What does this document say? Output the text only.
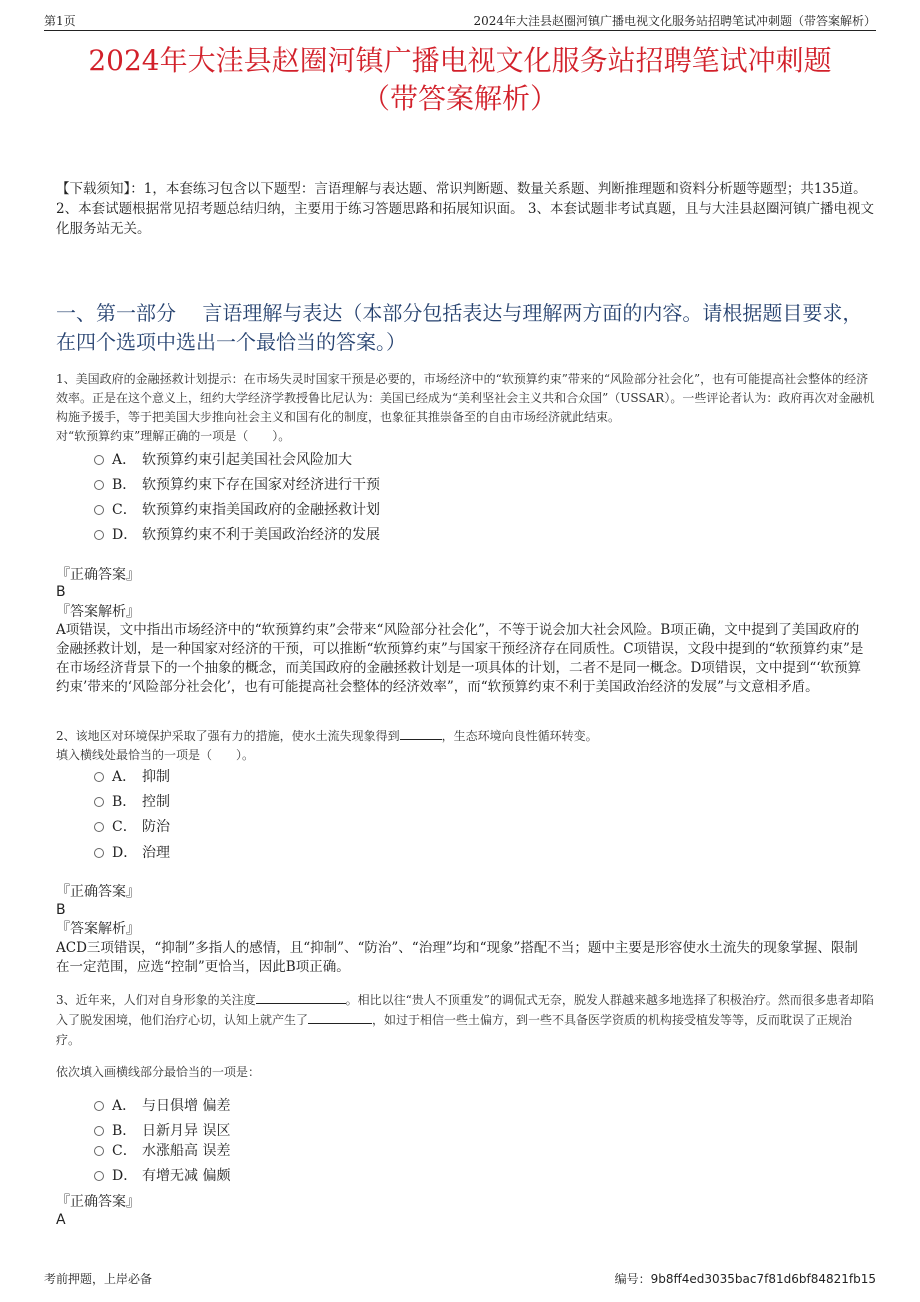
第1页	2024年大洼县赵圈河镇广播电视文化服务站招聘笔试冲刺题（带答案解析）
2024年大洼县赵圈河镇广播电视文化服务站招聘笔试冲刺题
（带答案解析）
【下载须知】：1，本套练习包含以下题型：言语理解与表达题、常识判断题、数量关系题、判断推理题和资料分析题等题型；共135道。 2、本套试题根据常见招考题总结归纳，主要用于练习答题思路和拓展知识面。 3、本套试题非考试真题，且与大洼县赵圈河镇广播电视文化服务站无关。
一、第一部分　 言语理解与表达（本部分包括表达与理解两方面的内容。请根据题目要求，在四个选项中选出一个最恰当的答案。）
1、美国政府的金融拯救计划提示：在市场失灵时国家干预是必要的，市场经济中的“软预算约束”带来的“风险部分社会化”，也有可能提高社会整体的经济效率。正是在这个意义上，纽约大学经济学教授鲁比尼认为：美国已经成为“美利坚社会主义共和合众国”（USSAR）。一些评论者认为：政府再次对金融机构施予援手，等于把美国大步推向社会主义和国有化的制度，也象征其推崇备至的自由市场经济就此结束。
对“软预算约束”理解正确的一项是（　　）。
A． 软预算约束引起美国社会风险加大
B． 软预算约束下存在国家对经济进行干预
C． 软预算约束指美国政府的金融拯救计划
D． 软预算约束不利于美国政治经济的发展
『正确答案』
B
『答案解析』
A项错误，文中指出市场经济中的“软预算约束”会带来“风险部分社会化”，不等于说会加大社会风险。B项正确，文中提到了美国政府的金融拯救计划，是一种国家对经济的干预，可以推断“软预算约束”与国家干预经济存在同质性。C项错误，文段中提到的“软预算约束”是在市场经济背景下的一个抽象的概念，而美国政府的金融拯救计划是一项具体的计划，二者不是同一概念。D项错误，文中提到“‘软预算约束’带来的‘风险部分社会化’，也有可能提高社会整体的经济效率”，而“软预算约束不利于美国政治经济的发展”与文意相矛盾。
2、该地区对环境保护采取了强有力的措施，使水土流失现象得到	，生态环境向良性循环转变。
填入横线处最恰当的一项是（　　）。
A． 抑制
B． 控制
C． 防治
D． 治理
『正确答案』
B
『答案解析』
ACD三项错误，“抑制”多指人的感情，且“抑制”、“防治”、“治理”均和“现象”搭配不当；题中主要是形容使水土流失的现象掌握、限制在一定范围，应选“控制”更恰当，因此B项正确。
3、近年来，人们对自身形象的关注度	。相比以往“贵人不顶重发”的调侃式无奈，脱发人群越来越多地选择了积极治疗。然而很多患者却陷入了脱发困境，他们治疗心切，认知上就产生了	，如过于相信一些土偏方，到一些不具备医学资质的机构接受植发等等，反而耽误了正规治疗。
依次填入画横线部分最恰当的一项是：
A． 与日俱增 偏差
B． 日新月异 误区
C． 水涨船高 误差
D． 有增无减 偏颇
『正确答案』
A
考前押题，上岸必备	编号：9b8ff4ed3035bac7f81d6bf84821fb15
